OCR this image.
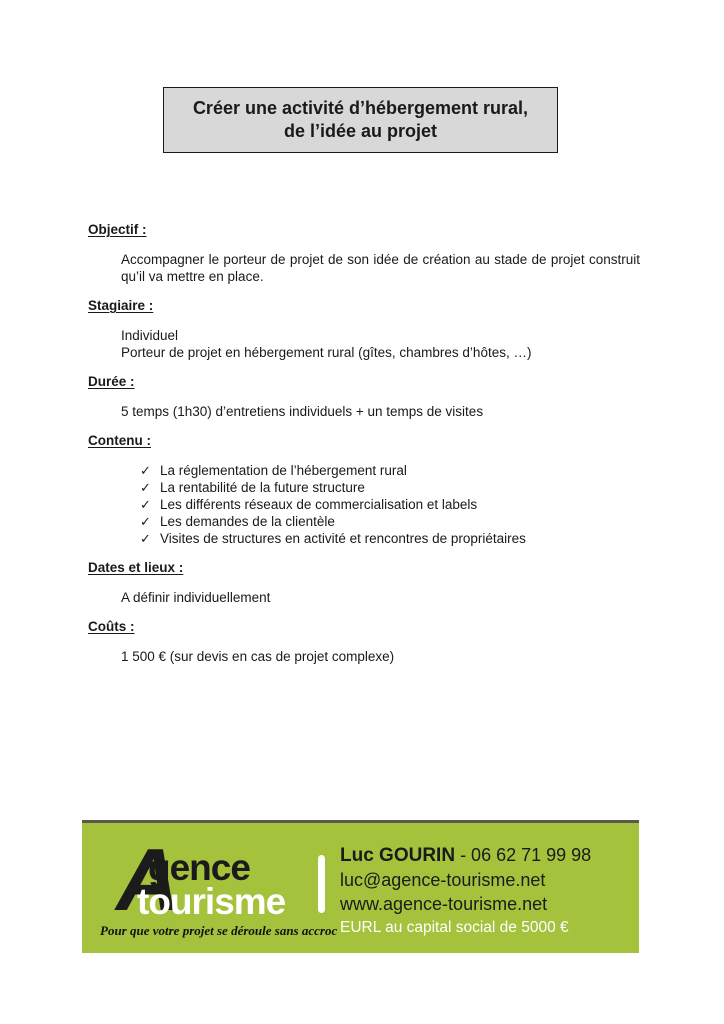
Créer une activité d’hébergement rural,
de l’idée au projet
Objectif :
Accompagner le porteur de projet de son idée de création au stade de projet construit
qu’il va mettre en place.
Stagiaire :
Individuel
Porteur de projet en hébergement rural (gîtes, chambres d’hôtes, …)
Durée :
5 temps (1h30) d’entretiens individuels + un temps de visites
Contenu :
✓ La réglementation de l’hébergement rural
✓ La rentabilité de la future structure
✓ Les différents réseaux de commercialisation et labels
✓ Les demandes de la clientèle
✓ Visites de structures en activité et rencontres de propriétaires
Dates et lieux :
A définir individuellement
Coûts :
1 500 € (sur devis en cas de projet complexe)
A
gence
tourisme
Pour que votre projet se déroule sans accroc
Luc GOURIN - 06 62 71 99 98
luc@agence-tourisme.net
www.agence-tourisme.net
EURL au capital social de 5000 €
